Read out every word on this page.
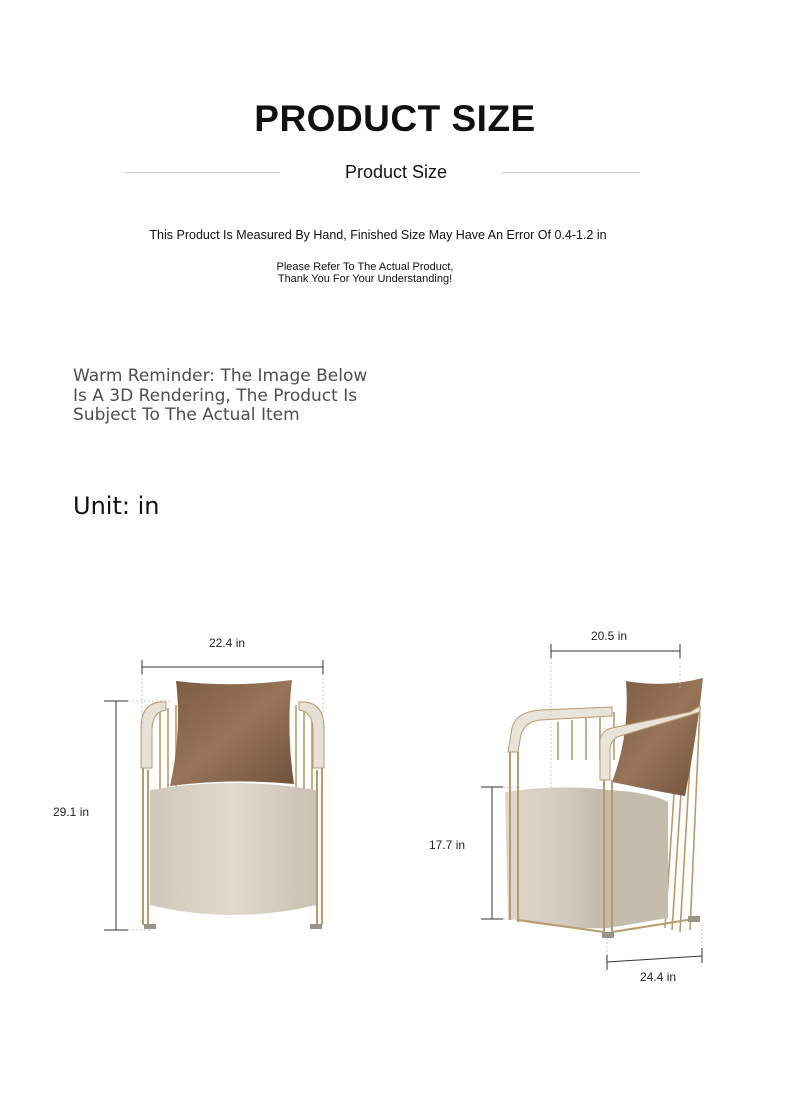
PRODUCT SIZE
Product Size
This Product Is Measured By Hand, Finished Size May Have An Error Of 0.4-1.2 in
Please Refer To The Actual Product,
Thank You For Your Understanding!
Warm Reminder: The Image Below
Is A 3D Rendering, The Product Is
Subject To The Actual Item
Unit: in
22.4 in
29.1 in
20.5 in
17.7 in
24.4 in
